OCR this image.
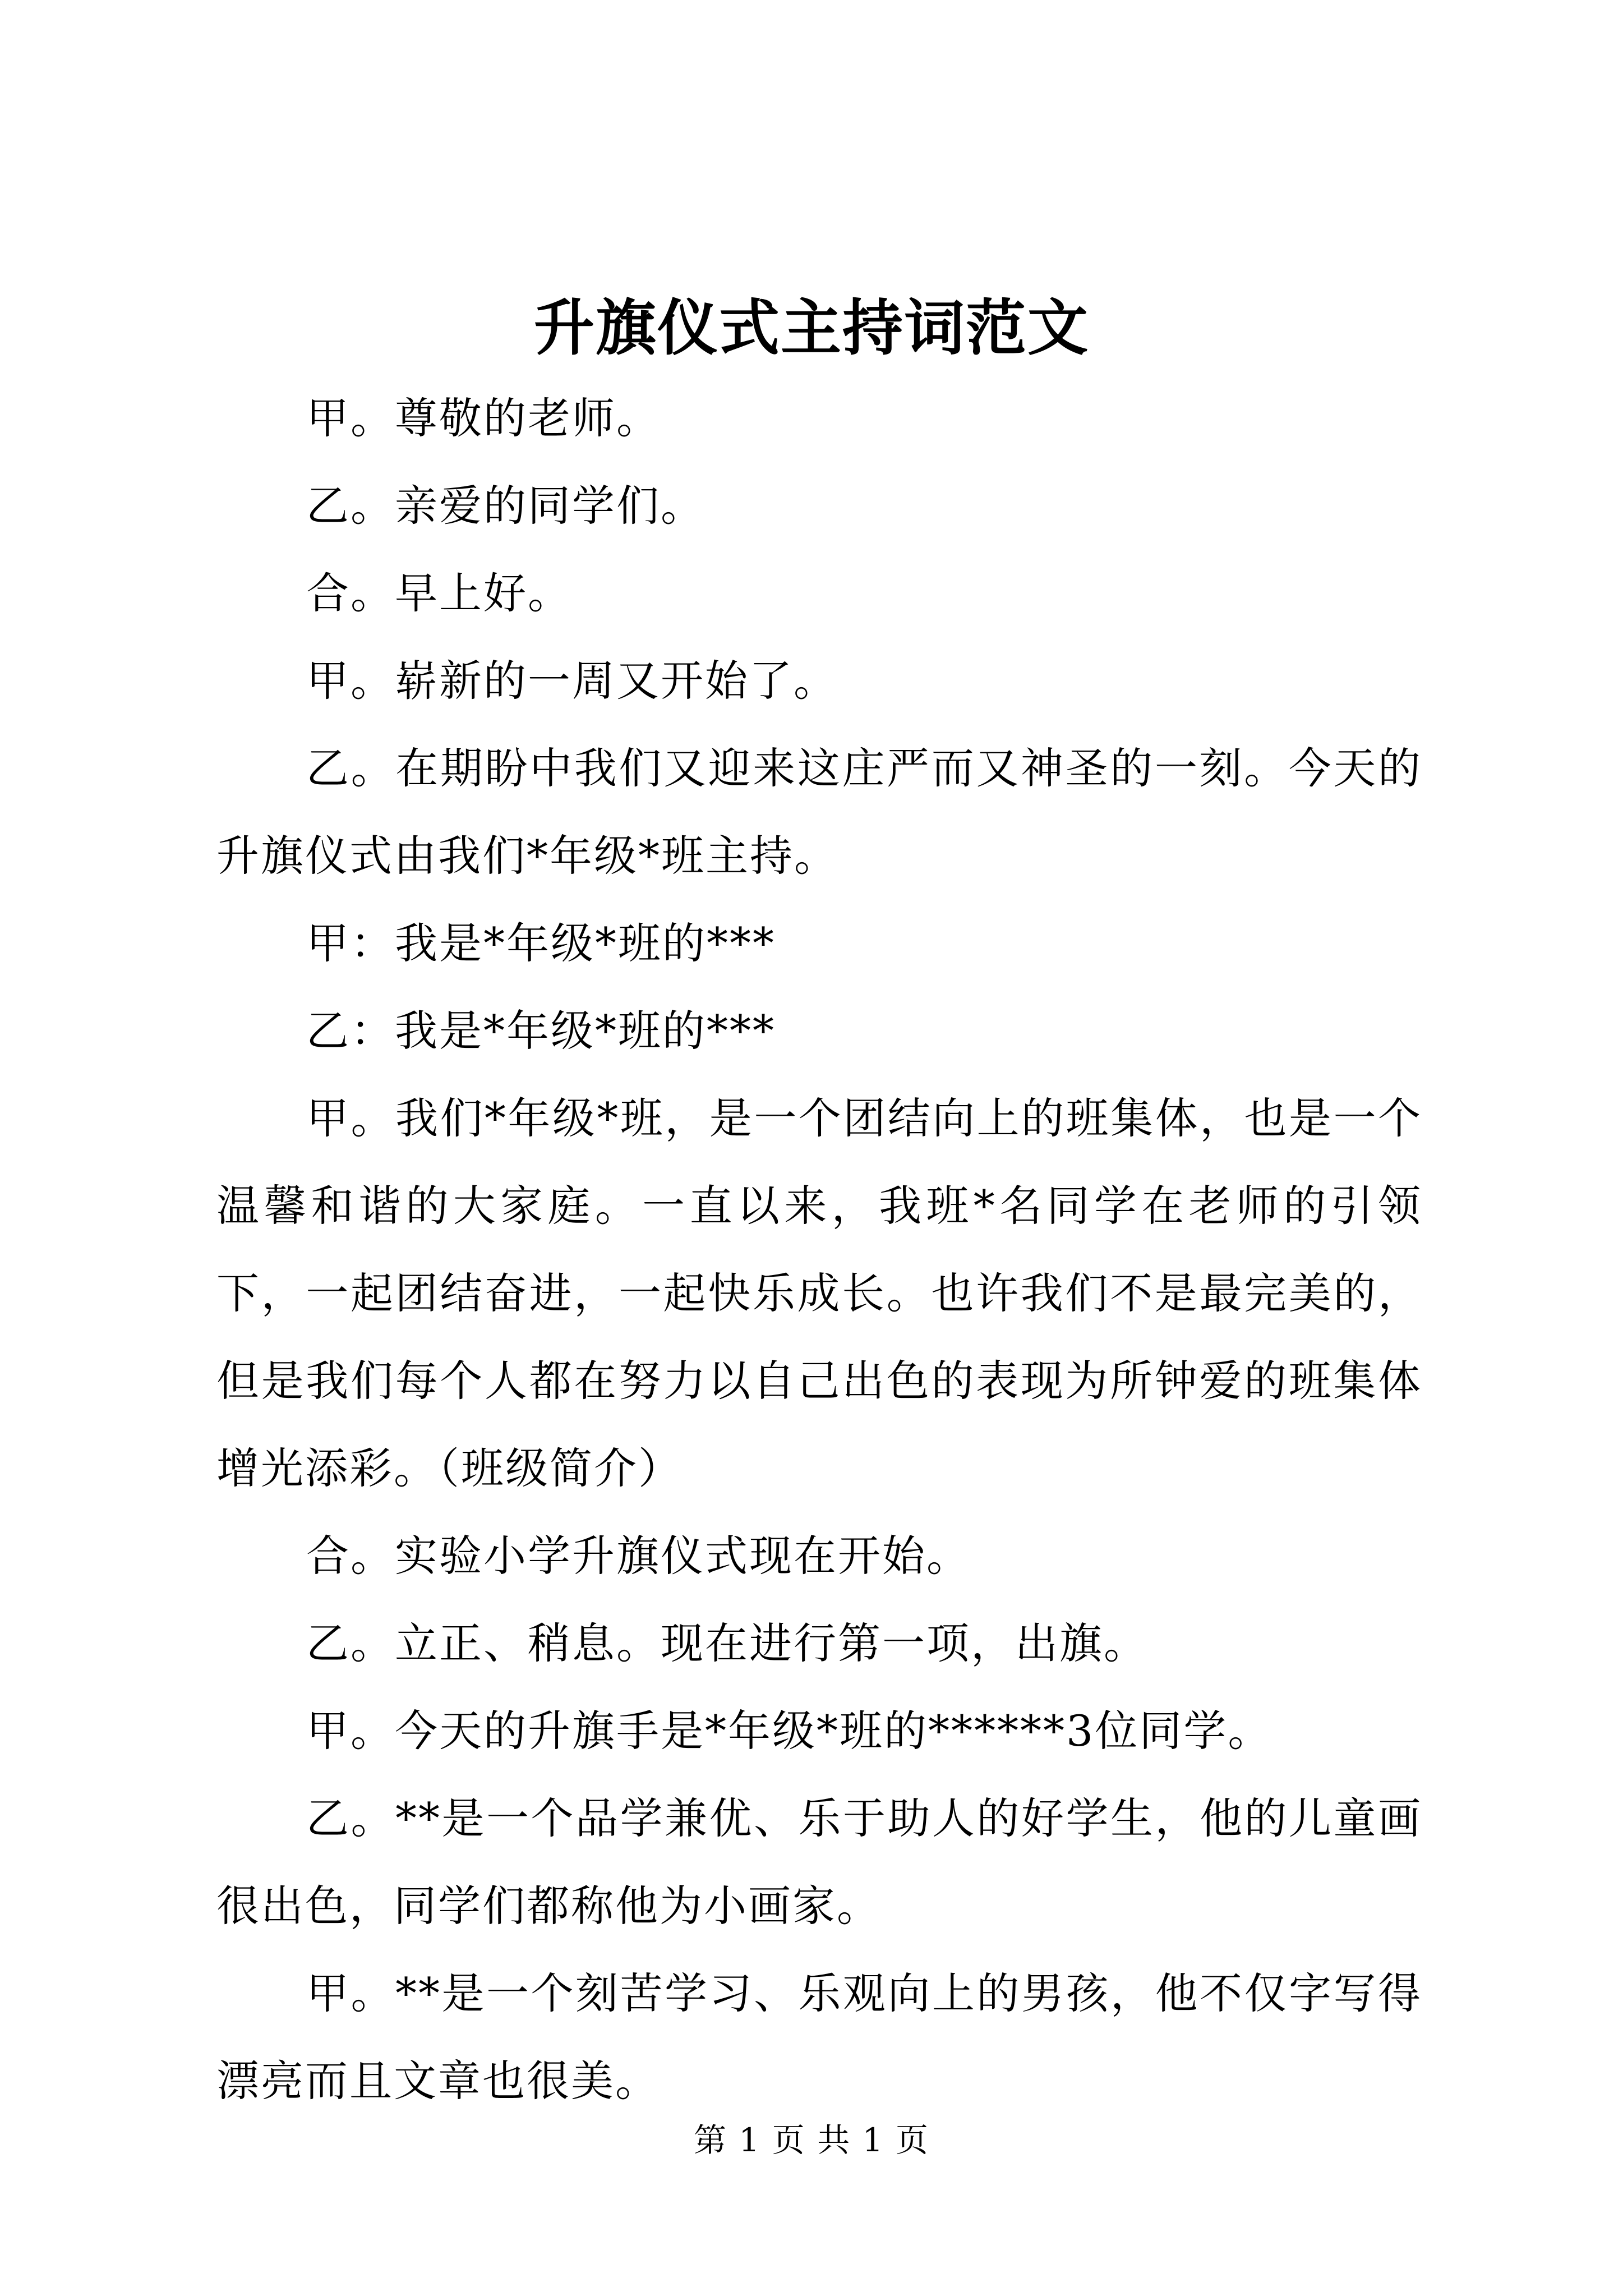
升旗仪式主持词范文

甲。尊敬的老师。

乙。亲爱的同学们。

合。早上好。

甲。崭新的一周又开始了。

乙。在期盼中我们又迎来这庄严而又神圣的一刻。今天的升旗仪式由我们*年级*班主持。

甲：我是*年级*班的***

乙：我是*年级*班的***

甲。我们*年级*班，是一个团结向上的班集体，也是一个温馨和谐的大家庭。一直以来，我班*名同学在老师的引领下，一起团结奋进，一起快乐成长。也许我们不是最完美的，但是我们每个人都在努力以自己出色的表现为所钟爱的班集体增光添彩。（班级简介）

合。实验小学升旗仪式现在开始。

乙。立正、稍息。现在进行第一项，出旗。

甲。今天的升旗手是*年级*班的******3位同学。

乙。**是一个品学兼优、乐于助人的好学生，他的儿童画很出色，同学们都称他为小画家。

甲。**是一个刻苦学习、乐观向上的男孩，他不仅字写得漂亮而且文章也很美。

第 1 页 共 1 页
